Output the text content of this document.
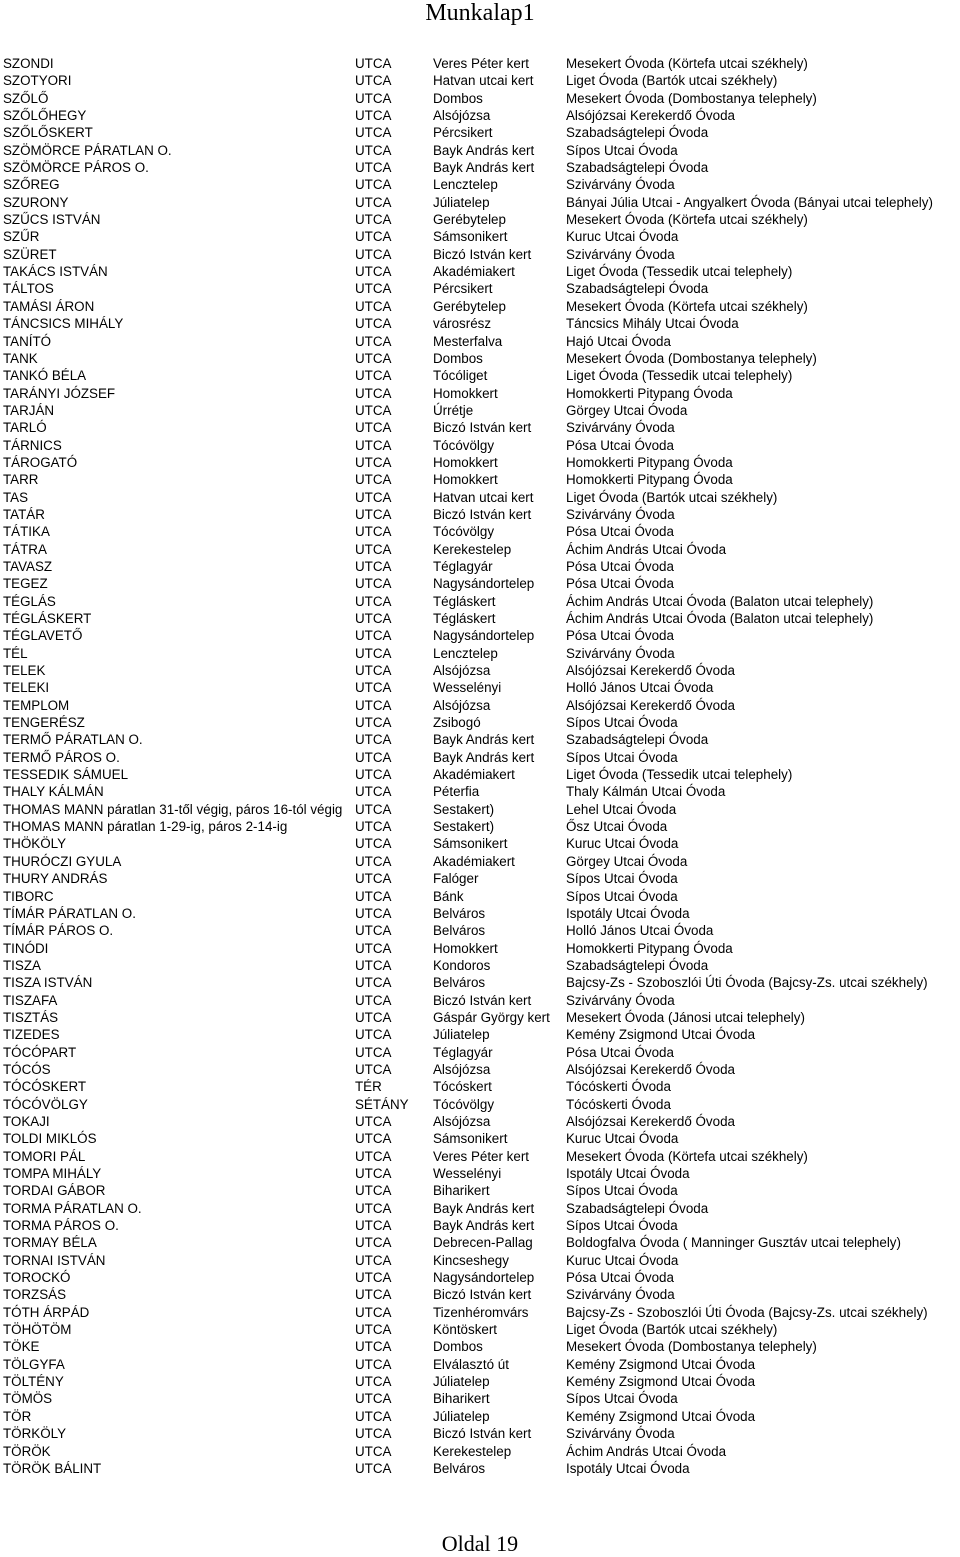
Munkalap1
SZONDI	UTCA	Veres Péter kert	Mesekert Óvoda (Körtefa utcai székhely)
SZOTYORI	UTCA	Hatvan utcai kert	Liget Óvoda (Bartók utcai székhely)
SZŐLŐ	UTCA	Dombos	Mesekert Óvoda (Dombostanya telephely)
SZŐLŐHEGY	UTCA	Alsójózsa	Alsójózsai Kerekerdő Óvoda
SZŐLŐSKERT	UTCA	Pércsikert	Szabadságtelepi Óvoda
SZÖMÖRCE PÁRATLAN O.	UTCA	Bayk András kert	Sípos Utcai Óvoda
SZÖMÖRCE PÁROS O.	UTCA	Bayk András kert	Szabadságtelepi Óvoda
SZŐREG	UTCA	Lencztelep	Szivárvány Óvoda
SZURONY	UTCA	Júliatelep	Bányai Júlia Utcai - Angyalkert Óvoda (Bányai utcai telephely)
SZŰCS ISTVÁN	UTCA	Gerébytelep	Mesekert Óvoda (Körtefa utcai székhely)
SZŰR	UTCA	Sámsonikert	Kuruc Utcai Óvoda
SZÜRET	UTCA	Biczó István kert	Szivárvány Óvoda
TAKÁCS ISTVÁN	UTCA	Akadémiakert	Liget Óvoda (Tessedik utcai telephely)
TÁLTOS	UTCA	Pércsikert	Szabadságtelepi Óvoda
TAMÁSI ÁRON	UTCA	Gerébytelep	Mesekert Óvoda (Körtefa utcai székhely)
TÁNCSICS MIHÁLY	UTCA	városrész	Táncsics Mihály Utcai Óvoda
TANÍTÓ	UTCA	Mesterfalva	Hajó Utcai Óvoda
TANK	UTCA	Dombos	Mesekert Óvoda (Dombostanya telephely)
TANKÓ BÉLA	UTCA	Tócóliget	Liget Óvoda (Tessedik utcai telephely)
TARÁNYI JÓZSEF	UTCA	Homokkert	Homokkerti Pitypang Óvoda
TARJÁN	UTCA	Úrrétje	Görgey Utcai Óvoda
TARLÓ	UTCA	Biczó István kert	Szivárvány Óvoda
TÁRNICS	UTCA	Tócóvölgy	Pósa Utcai Óvoda
TÁROGATÓ	UTCA	Homokkert	Homokkerti Pitypang Óvoda
TARR	UTCA	Homokkert	Homokkerti Pitypang Óvoda
TAS	UTCA	Hatvan utcai kert	Liget Óvoda (Bartók utcai székhely)
TATÁR	UTCA	Biczó István kert	Szivárvány Óvoda
TÁTIKA	UTCA	Tócóvölgy	Pósa Utcai Óvoda
TÁTRA	UTCA	Kerekestelep	Áchim András Utcai Óvoda
TAVASZ	UTCA	Téglagyár	Pósa Utcai Óvoda
TEGEZ	UTCA	Nagysándortelep	Pósa Utcai Óvoda
TÉGLÁS	UTCA	Tégláskert	Áchim András Utcai Óvoda (Balaton utcai telephely)
TÉGLÁSKERT	UTCA	Tégláskert	Áchim András Utcai Óvoda (Balaton utcai telephely)
TÉGLAVETŐ	UTCA	Nagysándortelep	Pósa Utcai Óvoda
TÉL	UTCA	Lencztelep	Szivárvány Óvoda
TELEK	UTCA	Alsójózsa	Alsójózsai Kerekerdő Óvoda
TELEKI	UTCA	Wesselényi	Holló János Utcai Óvoda
TEMPLOM	UTCA	Alsójózsa	Alsójózsai Kerekerdő Óvoda
TENGERÉSZ	UTCA	Zsibogó	Sípos Utcai Óvoda
TERMŐ PÁRATLAN O.	UTCA	Bayk András kert	Szabadságtelepi Óvoda
TERMŐ PÁROS O.	UTCA	Bayk András kert	Sípos Utcai Óvoda
TESSEDIK SÁMUEL	UTCA	Akadémiakert	Liget Óvoda (Tessedik utcai telephely)
THALY KÁLMÁN	UTCA	Péterfia	Thaly Kálmán Utcai Óvoda
THOMAS MANN páratlan 31-től végig, páros 16-tól végig UTCA	Sestakert)	Lehel Utcai Óvoda
THOMAS MANN páratlan 1-29-ig, páros 2-14-ig	UTCA	Sestakert)	Ősz Utcai Óvoda
THÖKÖLY	UTCA	Sámsonikert	Kuruc Utcai Óvoda
THURÓCZI GYULA	UTCA	Akadémiakert	Görgey Utcai Óvoda
THURY ANDRÁS	UTCA	Falóger	Sípos Utcai Óvoda
TIBORC	UTCA	Bánk	Sípos Utcai Óvoda
TÍMÁR PÁRATLAN O.	UTCA	Belváros	Ispotály Utcai Óvoda
TÍMÁR PÁROS O.	UTCA	Belváros	Holló János Utcai Óvoda
TINÓDI	UTCA	Homokkert	Homokkerti Pitypang Óvoda
TISZA	UTCA	Kondoros	Szabadságtelepi Óvoda
TISZA ISTVÁN	UTCA	Belváros	Bajcsy-Zs - Szoboszlói Úti Óvoda (Bajcsy-Zs. utcai székhely)
TISZAFA	UTCA	Biczó István kert	Szivárvány Óvoda
TISZTÁS	UTCA	Gáspár György kert	Mesekert Óvoda (Jánosi utcai telephely)
TIZEDES	UTCA	Júliatelep	Kemény Zsigmond Utcai Óvoda
TÓCÓPART	UTCA	Téglagyár	Pósa Utcai Óvoda
TÓCÓS	UTCA	Alsójózsa	Alsójózsai Kerekerdő Óvoda
TÓCÓSKERT	TÉR	Tócóskert	Tócóskerti Óvoda
TÓCÓVÖLGY	SÉTÁNY	Tócóvölgy	Tócóskerti Óvoda
TOKAJI	UTCA	Alsójózsa	Alsójózsai Kerekerdő Óvoda
TOLDI MIKLÓS	UTCA	Sámsonikert	Kuruc Utcai Óvoda
TOMORI PÁL	UTCA	Veres Péter kert	Mesekert Óvoda (Körtefa utcai székhely)
TOMPA MIHÁLY	UTCA	Wesselényi	Ispotály Utcai Óvoda
TORDAI GÁBOR	UTCA	Biharikert	Sípos Utcai Óvoda
TORMA PÁRATLAN O.	UTCA	Bayk András kert	Szabadságtelepi Óvoda
TORMA PÁROS O.	UTCA	Bayk András kert	Sípos Utcai Óvoda
TORMAY BÉLA	UTCA	Debrecen-Pallag	Boldogfalva Óvoda ( Manninger Gusztáv utcai telephely)
TORNAI ISTVÁN	UTCA	Kincseshegy	Kuruc Utcai Óvoda
TOROCKÓ	UTCA	Nagysándortelep	Pósa Utcai Óvoda
TORZSÁS	UTCA	Biczó István kert	Szivárvány Óvoda
TÓTH ÁRPÁD	UTCA	Tizenhéromvárs	Bajcsy-Zs - Szoboszlói Úti Óvoda (Bajcsy-Zs. utcai székhely)
TÖHÖTÖM	UTCA	Köntöskert	Liget Óvoda (Bartók utcai székhely)
TÖKE	UTCA	Dombos	Mesekert Óvoda (Dombostanya telephely)
TÖLGYFA	UTCA	Elválasztó út	Kemény Zsigmond Utcai Óvoda
TÖLTÉNY	UTCA	Júliatelep	Kemény Zsigmond Utcai Óvoda
TÖMÖS	UTCA	Biharikert	Sípos Utcai Óvoda
TÖR	UTCA	Júliatelep	Kemény Zsigmond Utcai Óvoda
TÖRKÖLY	UTCA	Biczó István kert	Szivárvány Óvoda
TÖRÖK	UTCA	Kerekestelep	Áchim András Utcai Óvoda
TÖRÖK BÁLINT	UTCA	Belváros	Ispotály Utcai Óvoda
Oldal 19
